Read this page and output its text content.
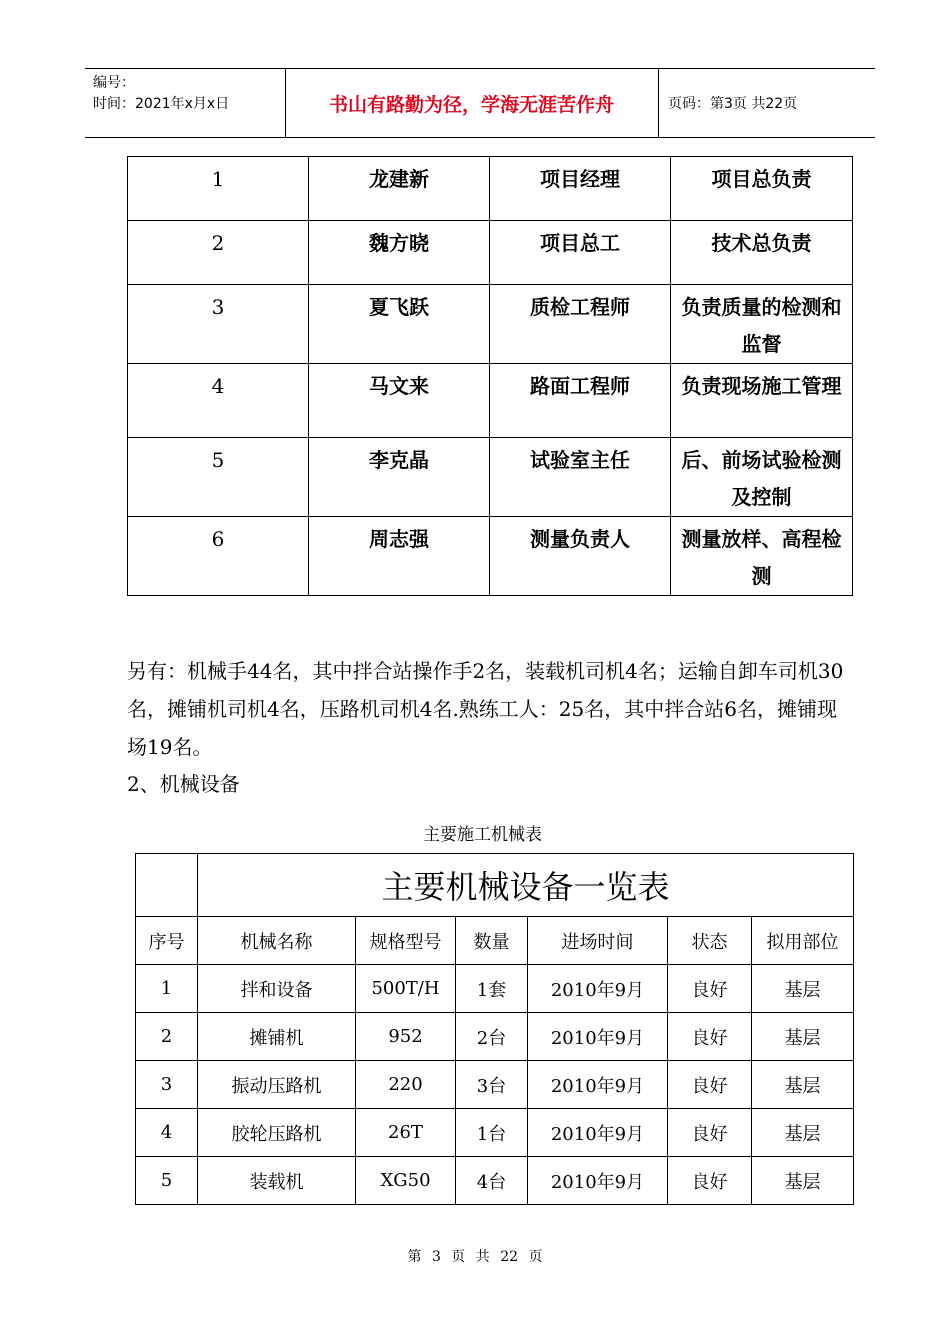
编号：
时间：2021年x月x日	书山有路勤为径，学海无涯苦作舟	页码：第3页 共22页
1	龙建新	项目经理	项目总负责
2	魏方晓	项目总工	技术总负责
3	夏飞跃	质检工程师	负责质量的检测和监督
4	马文来	路面工程师	负责现场施工管理
5	李克晶	试验室主任	后、前场试验检测及控制
6	周志强	测量负责人	测量放样、高程检测

另有：机械手44名，其中拌合站操作手2名，装载机司机4名；运输自卸车司机30名，摊铺机司机4名，压路机司机4名.熟练工人：25名，其中拌合站6名，摊铺现场19名。

2、机械设备
主要施工机械表
	主要机械设备一览表					
序号	机械名称	规格型号	数量	进场时间	状态	拟用部位
1	拌和设备	500T/H	1套	2010年9月	良好	基层
2	摊铺机	952	2台	2010年9月	良好	基层
3	振动压路机	220	3台	2010年9月	良好	基层
4	胶轮压路机	26T	1台	2010年9月	良好	基层
5	装载机	XG50	4台	2010年9月	良好	基层
第 3 页 共 22 页
